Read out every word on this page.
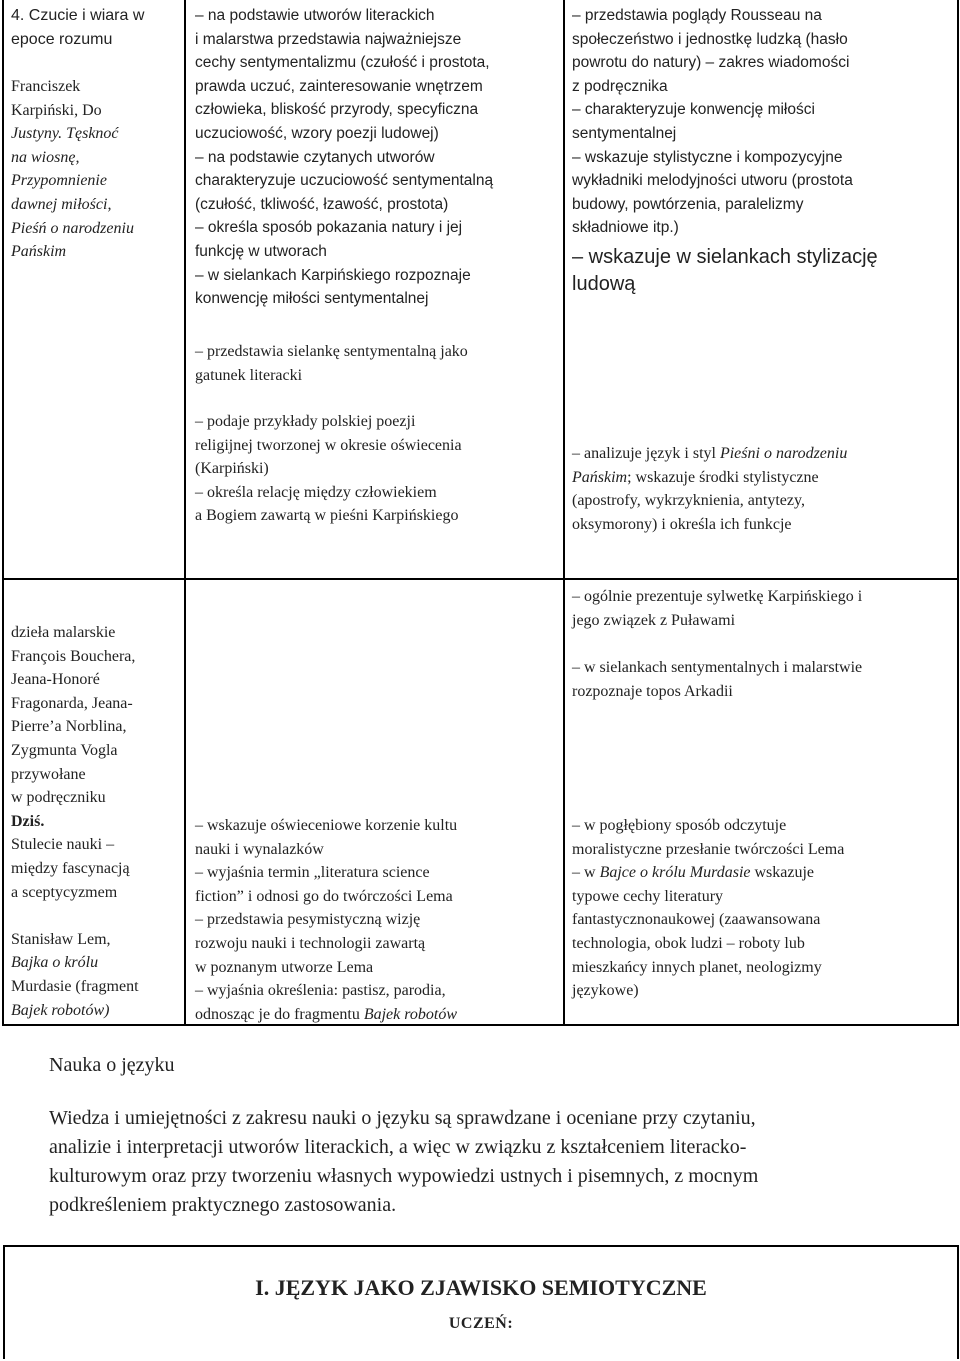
4. Czucie i wiara w
epoce rozumu
Franciszek
Karpiński, Do
Justyny. Tęsknoć
na wiosnę,
Przypomnienie
dawnej miłości,
Pieśń o narodzeniu
Pańskim
– na podstawie utworów literackich
i malarstwa przedstawia najważniejsze
cechy sentymentalizmu (czułość i prostota,
prawda uczuć, zainteresowanie wnętrzem
człowieka, bliskość przyrody, specyficzna
uczuciowość, wzory poezji ludowej)
– na podstawie czytanych utworów
charakteryzuje uczuciowość sentymentalną
(czułość, tkliwość, łzawość, prostota)
– określa sposób pokazania natury i jej
funkcję w utworach
– w sielankach Karpińskiego rozpoznaje
konwencję miłości sentymentalnej
– przedstawia sielankę sentymentalną jako
gatunek literacki
– podaje przykłady polskiej poezji
religijnej tworzonej w okresie oświecenia
(Karpiński)
– określa relację między człowiekiem
a Bogiem zawartą w pieśni Karpińskiego
– przedstawia poglądy Rousseau na
społeczeństwo i jednostkę ludzką (hasło
powrotu do natury) – zakres wiadomości
z podręcznika
– charakteryzuje konwencję miłości
sentymentalnej
– wskazuje stylistyczne i kompozycyjne
wykładniki melodyjności utworu (prostota
budowy, powtórzenia, paralelizmy
składniowe itp.)
– wskazuje w sielankach stylizację
ludową
– analizuje język i styl Pieśni o narodzeniu
Pańskim; wskazuje środki stylistyczne
(apostrofy, wykrzyknienia, antytezy,
oksymorony) i określa ich funkcje
dzieła malarskie
François Bouchera,
Jeana-Honoré
Fragonarda, Jeana-
Pierre’a Norblina,
Zygmunta Vogla
przywołane
w podręczniku
Dziś.
Stulecie nauki –
między fascynacją
a sceptycyzmem
Stanisław Lem,
Bajka o królu
Murdasie (fragment
Bajek robotów)
– wskazuje oświeceniowe korzenie kultu
nauki i wynalazków
– wyjaśnia termin „literatura science
fiction” i odnosi go do twórczości Lema
– przedstawia pesymistyczną wizję
rozwoju nauki i technologii zawartą
w poznanym utworze Lema
– wyjaśnia określenia: pastisz, parodia,
odnosząc je do fragmentu Bajek robotów
– ogólnie prezentuje sylwetkę Karpińskiego i
jego związek z Puławami
– w sielankach sentymentalnych i malarstwie
rozpoznaje topos Arkadii
– w pogłębiony sposób odczytuje
moralistyczne przesłanie twórczości Lema
– w Bajce o królu Murdasie wskazuje
typowe cechy literatury
fantastycznonaukowej (zaawansowana
technologia, obok ludzi – roboty lub
mieszkańcy innych planet, neologizmy
językowe)
Nauka o języku
Wiedza i umiejętności z zakresu nauki o języku są sprawdzane i oceniane przy czytaniu,
analizie i interpretacji utworów literackich, a więc w związku z kształceniem literacko-
kulturowym oraz przy tworzeniu własnych wypowiedzi ustnych i pisemnych, z mocnym
podkreśleniem praktycznego zastosowania.
I. JĘZYK JAKO ZJAWISKO SEMIOTYCZNE
UCZEŃ:
